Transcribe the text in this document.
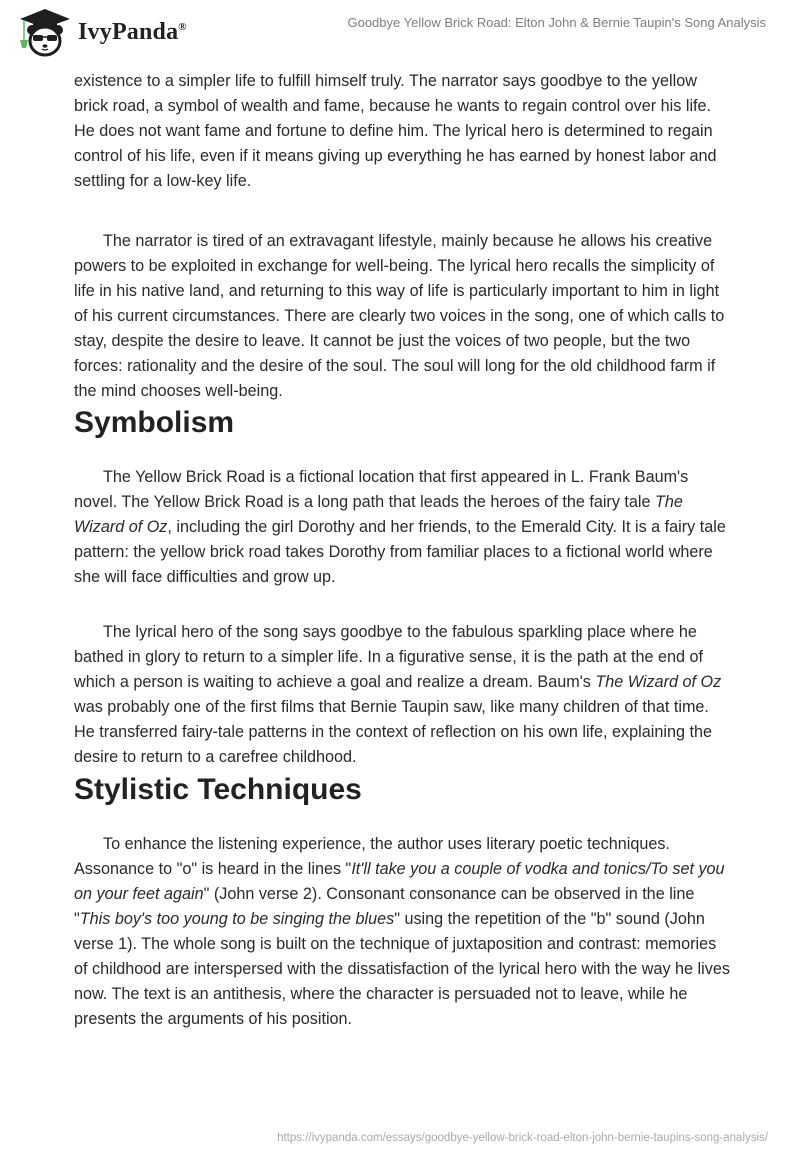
IvyPanda®	Goodbye Yellow Brick Road: Elton John & Bernie Taupin's Song Analysis

existence to a simpler life to fulfill himself truly. The narrator says goodbye to the yellow brick road, a symbol of wealth and fame, because he wants to regain control over his life. He does not want fame and fortune to define him. The lyrical hero is determined to regain control of his life, even if it means giving up everything he has earned by honest labor and settling for a low-key life.

The narrator is tired of an extravagant lifestyle, mainly because he allows his creative powers to be exploited in exchange for well-being. The lyrical hero recalls the simplicity of life in his native land, and returning to this way of life is particularly important to him in light of his current circumstances. There are clearly two voices in the song, one of which calls to stay, despite the desire to leave. It cannot be just the voices of two people, but the two forces: rationality and the desire of the soul. The soul will long for the old childhood farm if the mind chooses well-being.

Symbolism

The Yellow Brick Road is a fictional location that first appeared in L. Frank Baum's novel. The Yellow Brick Road is a long path that leads the heroes of the fairy tale The Wizard of Oz, including the girl Dorothy and her friends, to the Emerald City. It is a fairy tale pattern: the yellow brick road takes Dorothy from familiar places to a fictional world where she will face difficulties and grow up.

The lyrical hero of the song says goodbye to the fabulous sparkling place where he bathed in glory to return to a simpler life. In a figurative sense, it is the path at the end of which a person is waiting to achieve a goal and realize a dream. Baum's The Wizard of Oz was probably one of the first films that Bernie Taupin saw, like many children of that time. He transferred fairy-tale patterns in the context of reflection on his own life, explaining the desire to return to a carefree childhood.

Stylistic Techniques

To enhance the listening experience, the author uses literary poetic techniques. Assonance to "o" is heard in the lines "It'll take you a couple of vodka and tonics/To set you on your feet again" (John verse 2). Consonant consonance can be observed in the line "This boy's too young to be singing the blues" using the repetition of the "b" sound (John verse 1). The whole song is built on the technique of juxtaposition and contrast: memories of childhood are interspersed with the dissatisfaction of the lyrical hero with the way he lives now. The text is an antithesis, where the character is persuaded not to leave, while he presents the arguments of his position.

https://ivypanda.com/essays/goodbye-yellow-brick-road-elton-john-bernie-taupins-song-analysis/
